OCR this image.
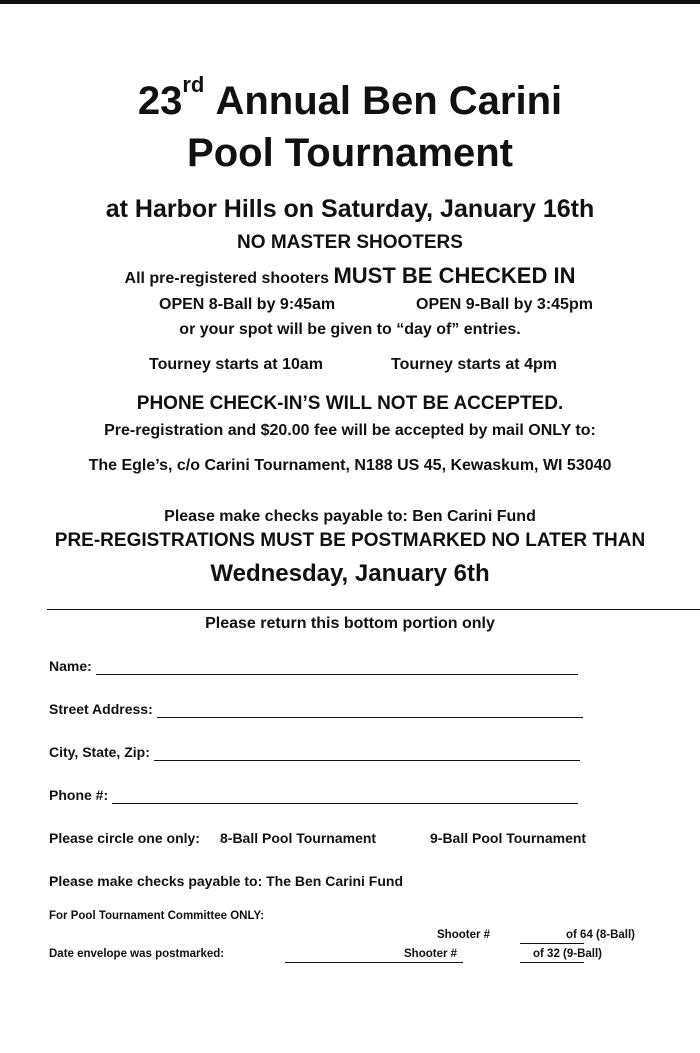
23rd Annual Ben Carini
Pool Tournament
at Harbor Hills on Saturday, January 16th
NO MASTER SHOOTERS
All pre-registered shooters MUST BE CHECKED IN
OPEN 8-Ball by 9:45am	OPEN 9-Ball by 3:45pm
or your spot will be given to “day of” entries.
Tourney starts at 10am	Tourney starts at 4pm
PHONE CHECK-IN’S WILL NOT BE ACCEPTED.
Pre-registration and $20.00 fee will be accepted by mail ONLY to:
The Egle’s, c/o Carini Tournament, N188 US 45, Kewaskum, WI 53040
Please make checks payable to: Ben Carini Fund
PRE-REGISTRATIONS MUST BE POSTMARKED NO LATER THAN
Wednesday, January 6th
Please return this bottom portion only
Name:
Street Address:
City, State, Zip:
Phone #:
Please circle one only: 8-Ball Pool Tournament	9-Ball Pool Tournament
Please make checks payable to: The Ben Carini Fund
For Pool Tournament Committee ONLY:
Shooter #	of 64 (8-Ball)
Date envelope was postmarked:	Shooter #	of 32 (9-Ball)
